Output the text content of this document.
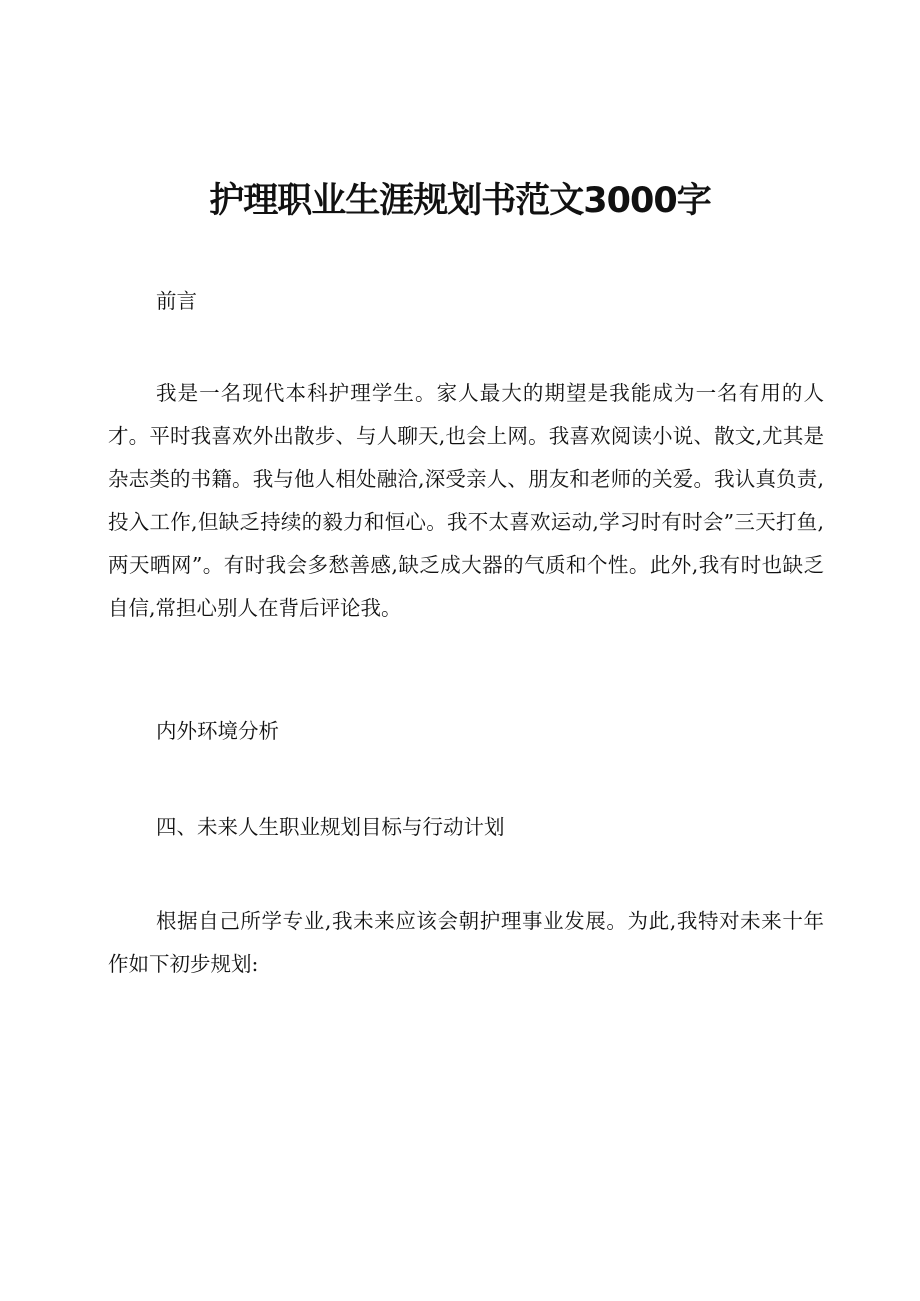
护理职业生涯规划书范文3000字

前言

我是一名现代本科护理学生。家人最大的期望是我能成为一名有用的人才。平时我喜欢外出散步、与人聊天,也会上网。我喜欢阅读小说、散文,尤其是杂志类的书籍。我与他人相处融洽,深受亲人、朋友和老师的关爱。我认真负责,投入工作,但缺乏持续的毅力和恒心。我不太喜欢运动,学习时有时会”三天打鱼,两天晒网”。有时我会多愁善感,缺乏成大器的气质和个性。此外,我有时也缺乏自信,常担心别人在背后评论我。

内外环境分析

四、未来人生职业规划目标与行动计划

根据自己所学专业,我未来应该会朝护理事业发展。为此,我特对未来十年作如下初步规划:
